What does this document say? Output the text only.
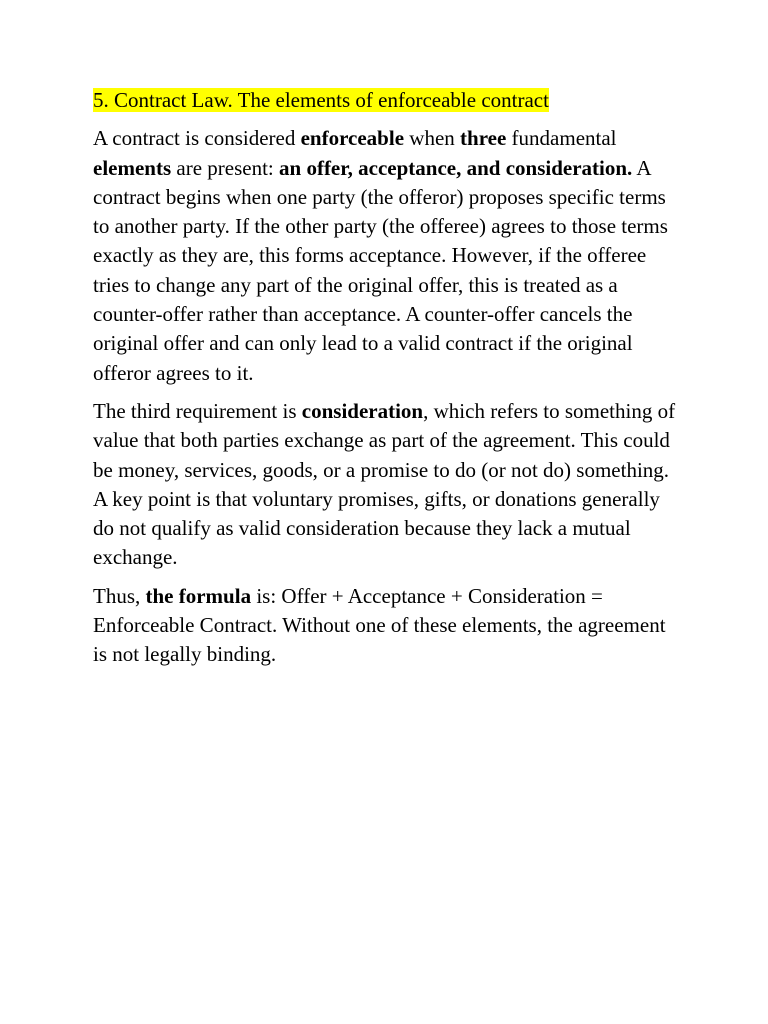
5. Contract Law. The elements of enforceable contract

A contract is considered enforceable when three fundamental elements are present: an offer, acceptance, and consideration. A contract begins when one party (the offeror) proposes specific terms to another party. If the other party (the offeree) agrees to those terms exactly as they are, this forms acceptance. However, if the offeree tries to change any part of the original offer, this is treated as a counter-offer rather than acceptance. A counter-offer cancels the original offer and can only lead to a valid contract if the original offeror agrees to it.

The third requirement is consideration, which refers to something of value that both parties exchange as part of the agreement. This could be money, services, goods, or a promise to do (or not do) something. A key point is that voluntary promises, gifts, or donations generally do not qualify as valid consideration because they lack a mutual exchange.

Thus, the formula is: Offer + Acceptance + Consideration = Enforceable Contract. Without one of these elements, the agreement is not legally binding.
